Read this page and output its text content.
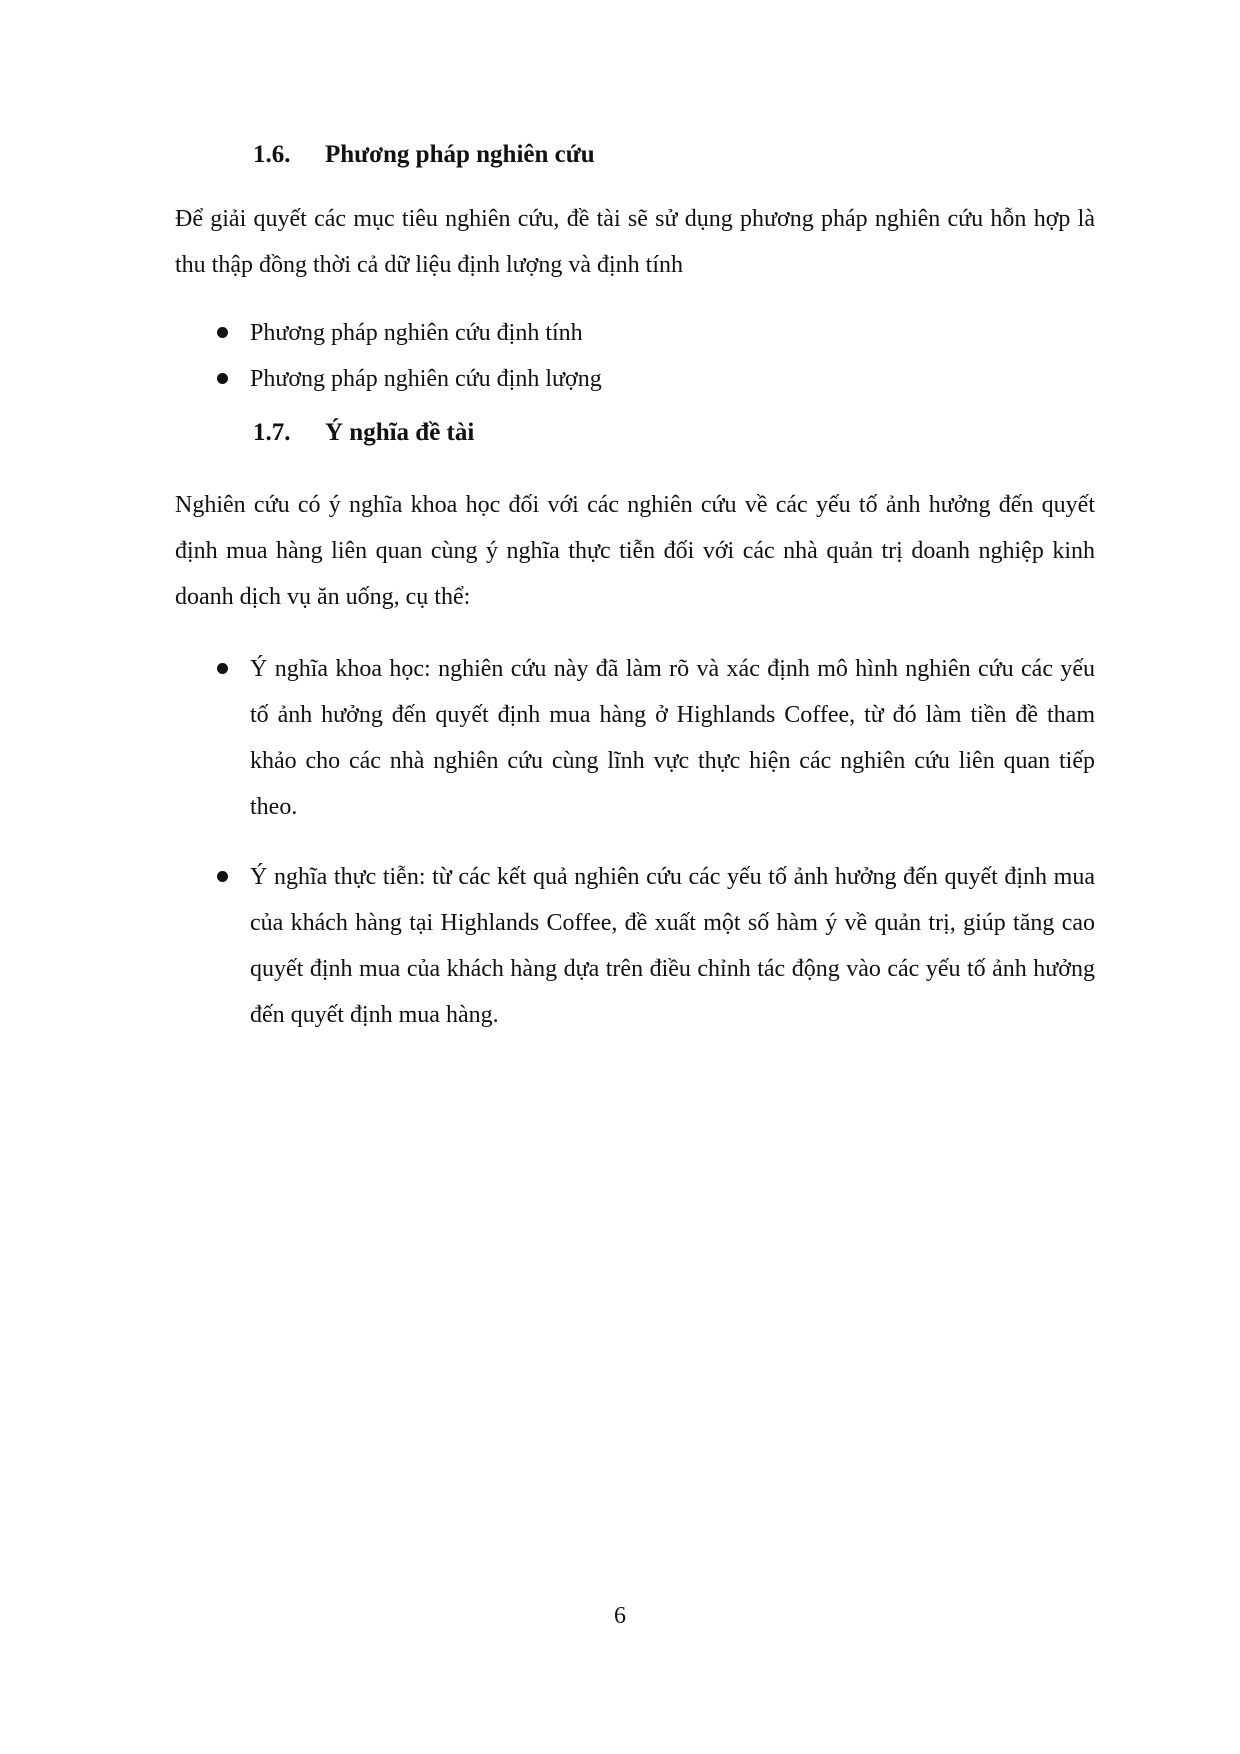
1.6. Phương pháp nghiên cứu
Để giải quyết các mục tiêu nghiên cứu, đề tài sẽ sử dụng phương pháp nghiên cứu hỗn hợp là thu thập đồng thời cả dữ liệu định lượng và định tính
Phương pháp nghiên cứu định tính
Phương pháp nghiên cứu định lượng
1.7. Ý nghĩa đề tài
Nghiên cứu có ý nghĩa khoa học đối với các nghiên cứu về các yếu tố ảnh hưởng đến quyết định mua hàng liên quan cùng ý nghĩa thực tiễn đối với các nhà quản trị doanh nghiệp kinh doanh dịch vụ ăn uống, cụ thể:
Ý nghĩa khoa học: nghiên cứu này đã làm rõ và xác định mô hình nghiên cứu các yếu tố ảnh hưởng đến quyết định mua hàng ở Highlands Coffee, từ đó làm tiền đề tham khảo cho các nhà nghiên cứu cùng lĩnh vực thực hiện các nghiên cứu liên quan tiếp theo.
Ý nghĩa thực tiễn: từ các kết quả nghiên cứu các yếu tố ảnh hưởng đến quyết định mua của khách hàng tại Highlands Coffee, đề xuất một số hàm ý về quản trị, giúp tăng cao quyết định mua của khách hàng dựa trên điều chỉnh tác động vào các yếu tố ảnh hưởng đến quyết định mua hàng.
6
